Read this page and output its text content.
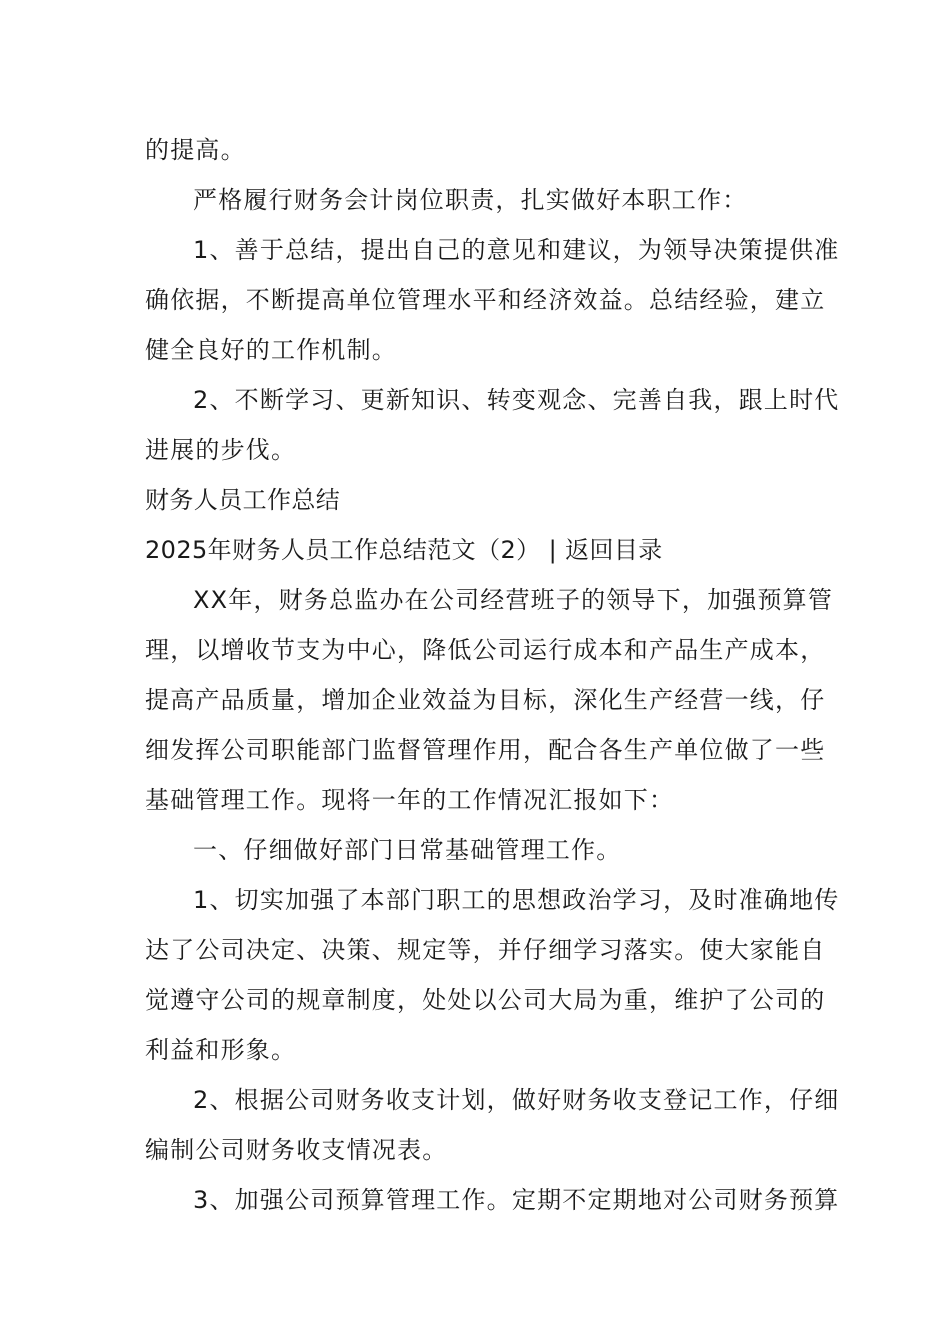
的提高。
严格履行财务会计岗位职责，扎实做好本职工作：
1、善于总结，提出自己的意见和建议，为领导决策提供准
确依据，不断提高单位管理水平和经济效益。总结经验，建立
健全良好的工作机制。
2、不断学习、更新知识、转变观念、完善自我，跟上时代
进展的步伐。
财务人员工作总结
2025年财务人员工作总结范文（2） | 返回目录
XX年，财务总监办在公司经营班子的领导下，加强预算管
理，以增收节支为中心，降低公司运行成本和产品生产成本，
提高产品质量，增加企业效益为目标，深化生产经营一线，仔
细发挥公司职能部门监督管理作用，配合各生产单位做了一些
基础管理工作。现将一年的工作情况汇报如下：
一、仔细做好部门日常基础管理工作。
1、切实加强了本部门职工的思想政治学习，及时准确地传
达了公司决定、决策、规定等，并仔细学习落实。使大家能自
觉遵守公司的规章制度，处处以公司大局为重，维护了公司的
利益和形象。
2、根据公司财务收支计划，做好财务收支登记工作，仔细
编制公司财务收支情况表。
3、加强公司预算管理工作。定期不定期地对公司财务预算
